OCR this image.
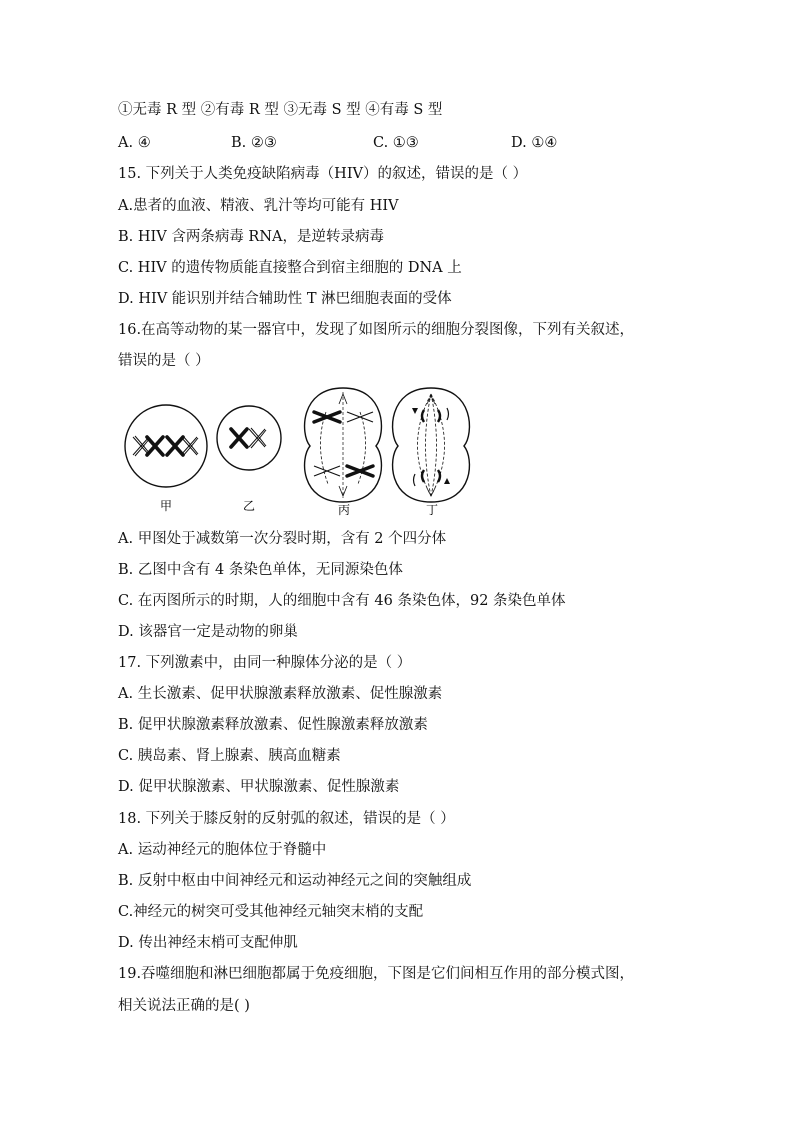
①无毒 R 型 ②有毒 R 型 ③无毒 S 型 ④有毒 S 型
A. ④	B. ②③	C. ①③	D. ①④
15. 下列关于人类免疫缺陷病毒（HIV）的叙述，错误的是（ ）
A.患者的血液、精液、乳汁等均可能有 HIV
B. HIV 含两条病毒 RNA，是逆转录病毒
C. HIV 的遗传物质能直接整合到宿主细胞的 DNA 上
D. HIV 能识别并结合辅助性 T 淋巴细胞表面的受体
16.在高等动物的某一器官中，发现了如图所示的细胞分裂图像，下列有关叙述，
错误的是（ ）
甲	乙	丙	丁
A. 甲图处于减数第一次分裂时期，含有 2 个四分体
B. 乙图中含有 4 条染色单体，无同源染色体
C. 在丙图所示的时期，人的细胞中含有 46 条染色体，92 条染色单体
D. 该器官一定是动物的卵巢
17. 下列激素中，由同一种腺体分泌的是（ ）
A. 生长激素、促甲状腺激素释放激素、促性腺激素
B. 促甲状腺激素释放激素、促性腺激素释放激素
C. 胰岛素、肾上腺素、胰高血糖素
D. 促甲状腺激素、甲状腺激素、促性腺激素
18. 下列关于膝反射的反射弧的叙述，错误的是（ ）
A. 运动神经元的胞体位于脊髓中
B. 反射中枢由中间神经元和运动神经元之间的突触组成
C.神经元的树突可受其他神经元轴突末梢的支配
D. 传出神经末梢可支配伸肌
19.吞噬细胞和淋巴细胞都属于免疫细胞，下图是它们间相互作用的部分模式图，
相关说法正确的是( )
